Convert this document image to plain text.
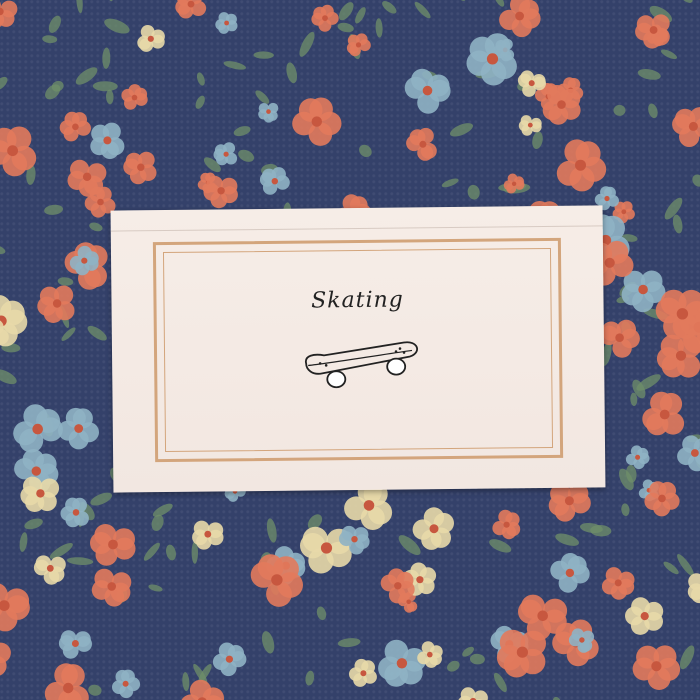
Skating
